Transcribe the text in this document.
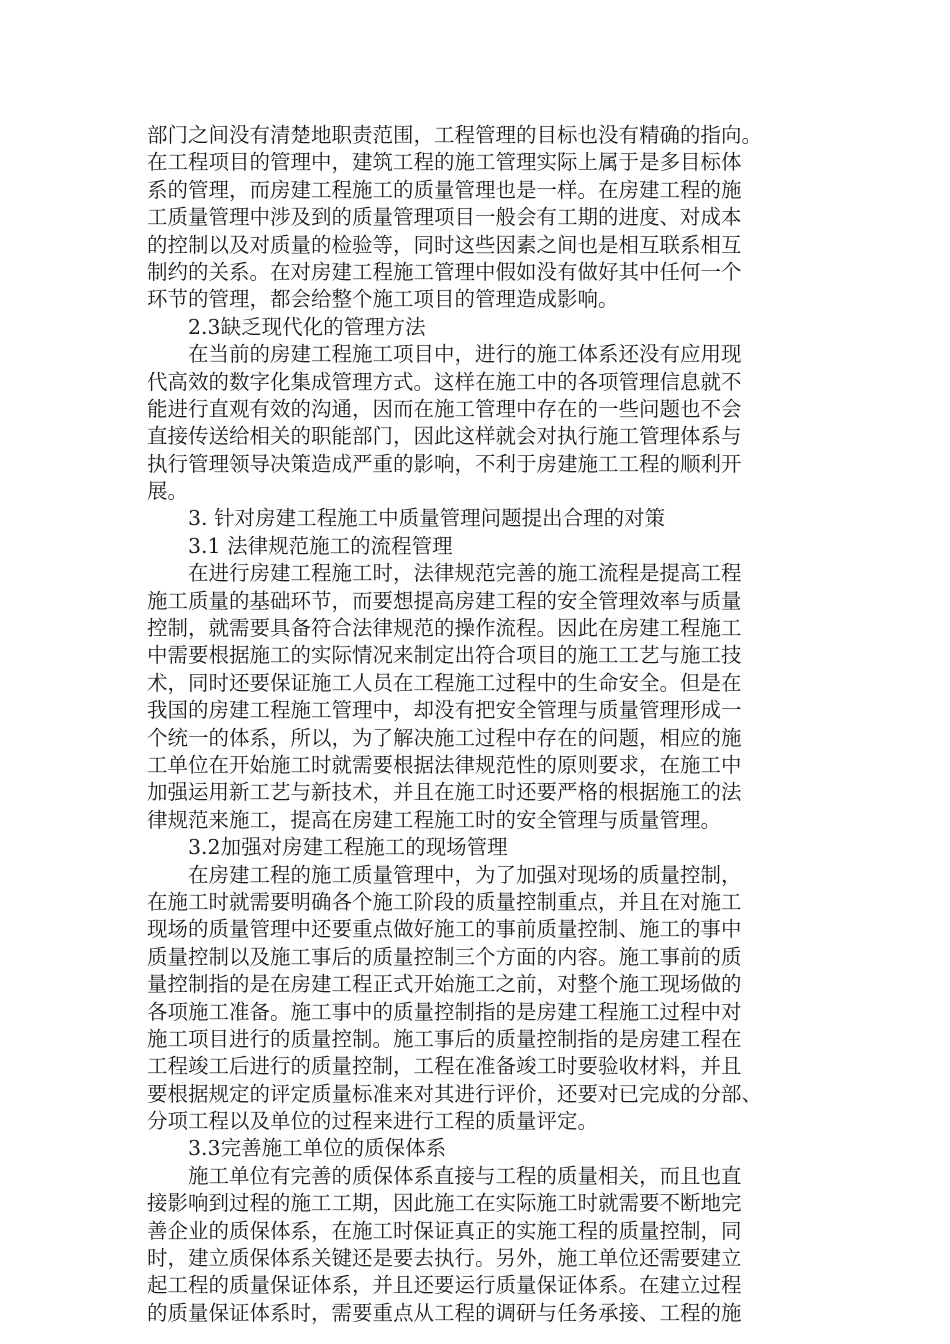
部门之间没有清楚地职责范围，工程管理的目标也没有精确的指向。
在工程项目的管理中，建筑工程的施工管理实际上属于是多目标体
系的管理，而房建工程施工的质量管理也是一样。在房建工程的施
工质量管理中涉及到的质量管理项目一般会有工期的进度、对成本
的控制以及对质量的检验等，同时这些因素之间也是相互联系相互
制约的关系。在对房建工程施工管理中假如没有做好其中任何一个
环节的管理，都会给整个施工项目的管理造成影响。
2.3缺乏现代化的管理方法
在当前的房建工程施工项目中，进行的施工体系还没有应用现
代高效的数字化集成管理方式。这样在施工中的各项管理信息就不
能进行直观有效的沟通，因而在施工管理中存在的一些问题也不会
直接传送给相关的职能部门，因此这样就会对执行施工管理体系与
执行管理领导决策造成严重的影响，不利于房建施工工程的顺利开
展。
3. 针对房建工程施工中质量管理问题提出合理的对策
3.1 法律规范施工的流程管理
在进行房建工程施工时，法律规范完善的施工流程是提高工程
施工质量的基础环节，而要想提高房建工程的安全管理效率与质量
控制，就需要具备符合法律规范的操作流程。因此在房建工程施工
中需要根据施工的实际情况来制定出符合项目的施工工艺与施工技
术，同时还要保证施工人员在工程施工过程中的生命安全。但是在
我国的房建工程施工管理中，却没有把安全管理与质量管理形成一
个统一的体系，所以，为了解决施工过程中存在的问题，相应的施
工单位在开始施工时就需要根据法律规范性的原则要求，在施工中
加强运用新工艺与新技术，并且在施工时还要严格的根据施工的法
律规范来施工，提高在房建工程施工时的安全管理与质量管理。
3.2加强对房建工程施工的现场管理
在房建工程的施工质量管理中，为了加强对现场的质量控制，
在施工时就需要明确各个施工阶段的质量控制重点，并且在对施工
现场的质量管理中还要重点做好施工的事前质量控制、施工的事中
质量控制以及施工事后的质量控制三个方面的内容。施工事前的质
量控制指的是在房建工程正式开始施工之前，对整个施工现场做的
各项施工准备。施工事中的质量控制指的是房建工程施工过程中对
施工项目进行的质量控制。施工事后的质量控制指的是房建工程在
工程竣工后进行的质量控制，工程在准备竣工时要验收材料，并且
要根据规定的评定质量标准来对其进行评价，还要对已完成的分部、
分项工程以及单位的过程来进行工程的质量评定。
3.3完善施工单位的质保体系
施工单位有完善的质保体系直接与工程的质量相关，而且也直
接影响到过程的施工工期，因此施工在实际施工时就需要不断地完
善企业的质保体系，在施工时保证真正的实施工程的质量控制，同
时，建立质保体系关键还是要去执行。另外，施工单位还需要建立
起工程的质量保证体系，并且还要运行质量保证体系。在建立过程
的质量保证体系时，需要重点从工程的调研与任务承接、工程的施
